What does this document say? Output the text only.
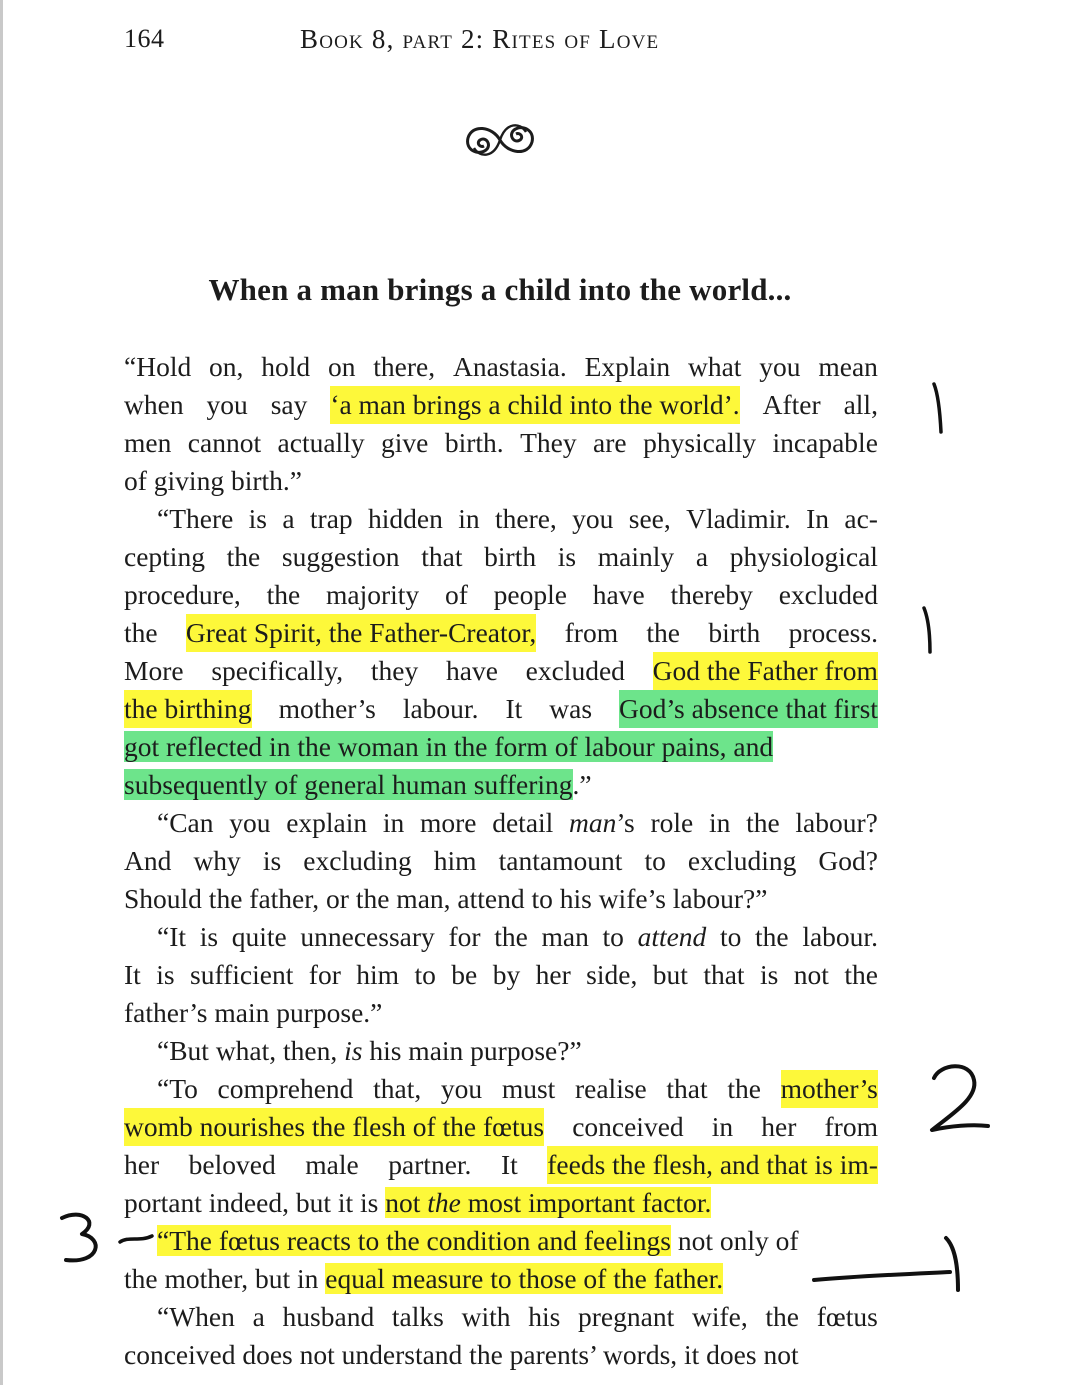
164	Book 8, part 2: Rites of Love
When a man brings a child into the world...
“Hold on, hold on there, Anastasia. Explain what you mean
when you say ‘a man brings a child into the world’. After all,
men cannot actually give birth. They are physically incapable
of giving birth.”
“There is a trap hidden in there, you see, Vladimir. In ac-
cepting the suggestion that birth is mainly a physiological
procedure, the majority of people have thereby excluded
the Great Spirit, the Father-Creator, from the birth process.
More specifically, they have excluded God the Father from
the birthing mother’s labour. It was God’s absence that first
got reflected in the woman in the form of labour pains, and
subsequently of general human suffering.”
“Can you explain in more detail man’s role in the labour?
And why is excluding him tantamount to excluding God?
Should the father, or the man, attend to his wife’s labour?”
“It is quite unnecessary for the man to attend to the labour.
It is sufficient for him to be by her side, but that is not the
father’s main purpose.”
“But what, then, is his main purpose?”
“To comprehend that, you must realise that the mother’s
womb nourishes the flesh of the fœtus conceived in her from
her beloved male partner. It feeds the flesh, and that is im-
portant indeed, but it is not the most important factor.
“The fœtus reacts to the condition and feelings not only of
the mother, but in equal measure to those of the father.
“When a husband talks with his pregnant wife, the fœtus
conceived does not understand the parents’ words, it does not
